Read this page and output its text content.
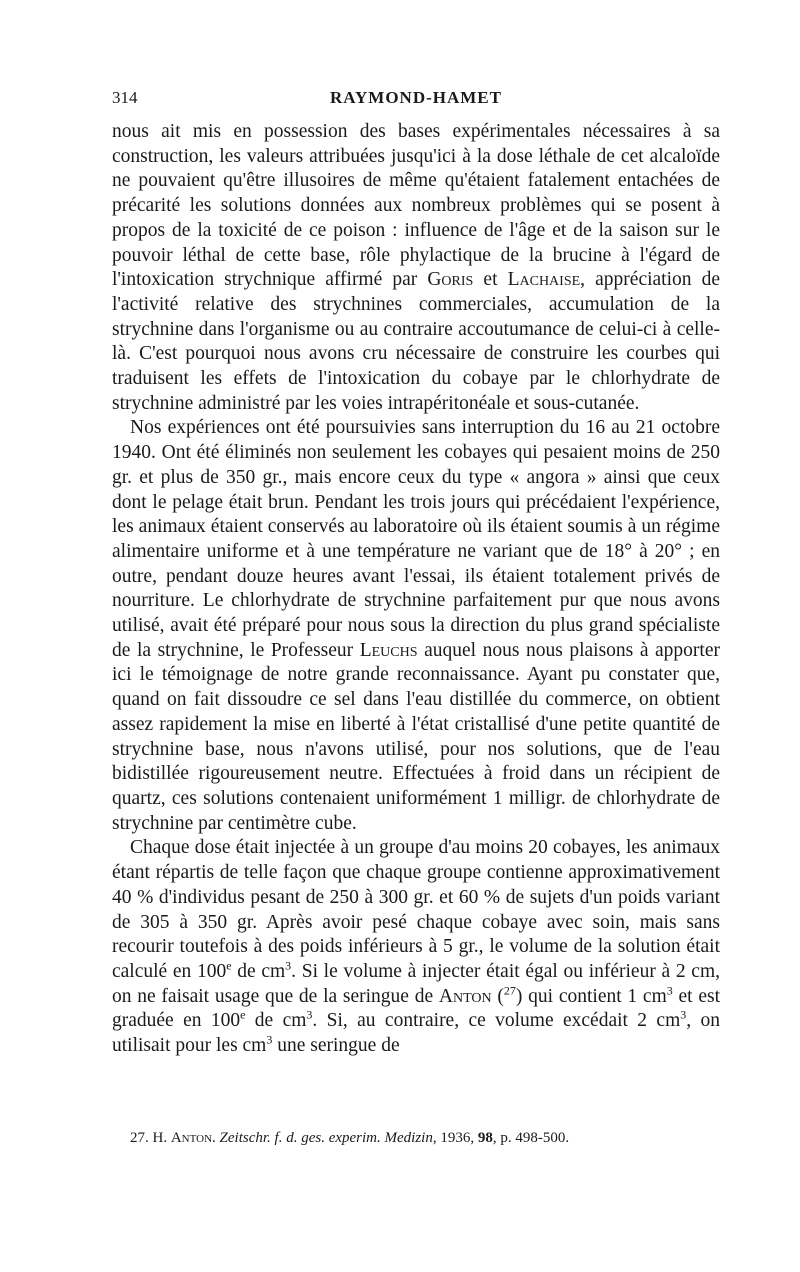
314	RAYMOND-HAMET

nous ait mis en possession des bases expérimentales nécessaires à sa construction, les valeurs attribuées jusqu'ici à la dose léthale de cet alcaloïde ne pouvaient qu'être illusoires de même qu'étaient fatalement entachées de précarité les solutions données aux nombreux problèmes qui se posent à propos de la toxicité de ce poison : influence de l'âge et de la saison sur le pouvoir léthal de cette base, rôle phylactique de la brucine à l'égard de l'intoxication strychnique affirmé par Goris et Lachaise, appréciation de l'activité relative des strychnines commerciales, accumulation de la strychnine dans l'organisme ou au contraire accoutumance de celui-ci à celle-là. C'est pourquoi nous avons cru nécessaire de construire les courbes qui traduisent les effets de l'intoxication du cobaye par le chlorhydrate de strychnine administré par les voies intrapéritonéale et sous-cutanée.

Nos expériences ont été poursuivies sans interruption du 16 au 21 octobre 1940. Ont été éliminés non seulement les cobayes qui pesaient moins de 250 gr. et plus de 350 gr., mais encore ceux du type « angora » ainsi que ceux dont le pelage était brun. Pendant les trois jours qui précédaient l'expérience, les animaux étaient conservés au laboratoire où ils étaient soumis à un régime alimentaire uniforme et à une température ne variant que de 18° à 20° ; en outre, pendant douze heures avant l'essai, ils étaient totalement privés de nourriture. Le chlorhydrate de strychnine parfaitement pur que nous avons utilisé, avait été préparé pour nous sous la direction du plus grand spécialiste de la strychnine, le Professeur Leuchs auquel nous nous plaisons à apporter ici le témoignage de notre grande reconnaissance. Ayant pu constater que, quand on fait dissoudre ce sel dans l'eau distillée du commerce, on obtient assez rapidement la mise en liberté à l'état cristallisé d'une petite quantité de strychnine base, nous n'avons utilisé, pour nos solutions, que de l'eau bidistillée rigoureusement neutre. Effectuées à froid dans un récipient de quartz, ces solutions contenaient uniformément 1 milligr. de chlorhydrate de strychnine par centimètre cube.

Chaque dose était injectée à un groupe d'au moins 20 cobayes, les animaux étant répartis de telle façon que chaque groupe contienne approximativement 40 % d'individus pesant de 250 à 300 gr. et 60 % de sujets d'un poids variant de 305 à 350 gr. Après avoir pesé chaque cobaye avec soin, mais sans recourir toutefois à des poids inférieurs à 5 gr., le volume de la solution était calculé en 100e de $cm^3$. Si le volume à injecter était égal ou inférieur à 2 cm, on ne faisait usage que de la seringue de Anton ($^{27}$) qui contient 1 $cm^3$ et est graduée en 100e de $cm^3$. Si, au contraire, ce volume excédait 2 $cm^3$, on utilisait pour les $cm^3$ une seringue de

27. H. Anton. Zeitschr. f. d. ges. experim. Medizin, 1936, 98, p. 498-500.
